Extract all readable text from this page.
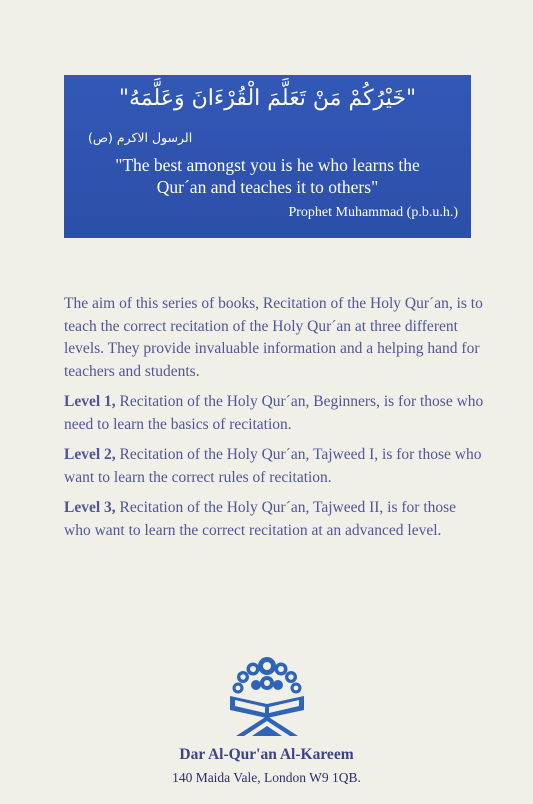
"خَيْرُكُمْ مَنْ تَعَلَّمَ الْقُرْءَانَ وَعَلَّمَهُ"
الرسول الاكرم (ص)
"The best amongst you is he who learns the
Qur´an and teaches it to others"
Prophet Muhammad (p.b.u.h.)

The aim of this series of books, Recitation of the Holy Qur´an, is to teach the correct recitation of the Holy Qur´an at three different levels. They provide invaluable information and a helping hand for teachers and students.

Level 1, Recitation of the Holy Qur´an, Beginners, is for those who need to learn the basics of recitation.

Level 2, Recitation of the Holy Qur´an, Tajweed I, is for those who want to learn the correct rules of recitation.

Level 3, Recitation of the Holy Qur´an, Tajweed II, is for those who want to learn the correct recitation at an advanced level.

Dar Al-Qur'an Al-Kareem
140 Maida Vale, London W9 1QB.
